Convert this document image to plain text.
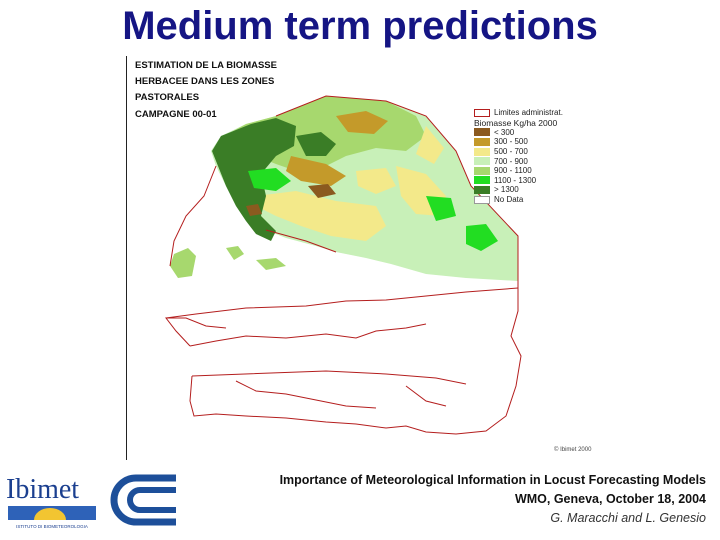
Medium term predictions
ESTIMATION DE LA BIOMASSE
HERBACEE DANS LES ZONES
PASTORALES
CAMPAGNE 00-01	Limites administrat.
Biomasse Kg/ha 2000
< 300
300 - 500
500 - 700
700 - 900
900 - 1100
1100 - 1300
> 1300
No Data
© Ibimet 2000
Ibimet
ISTITUTO DI BIOMETEOROLOGIA
Importance of Meteorological Information in Locust Forecasting Models
WMO, Geneva, October 18, 2004
G. Maracchi and L. Genesio
